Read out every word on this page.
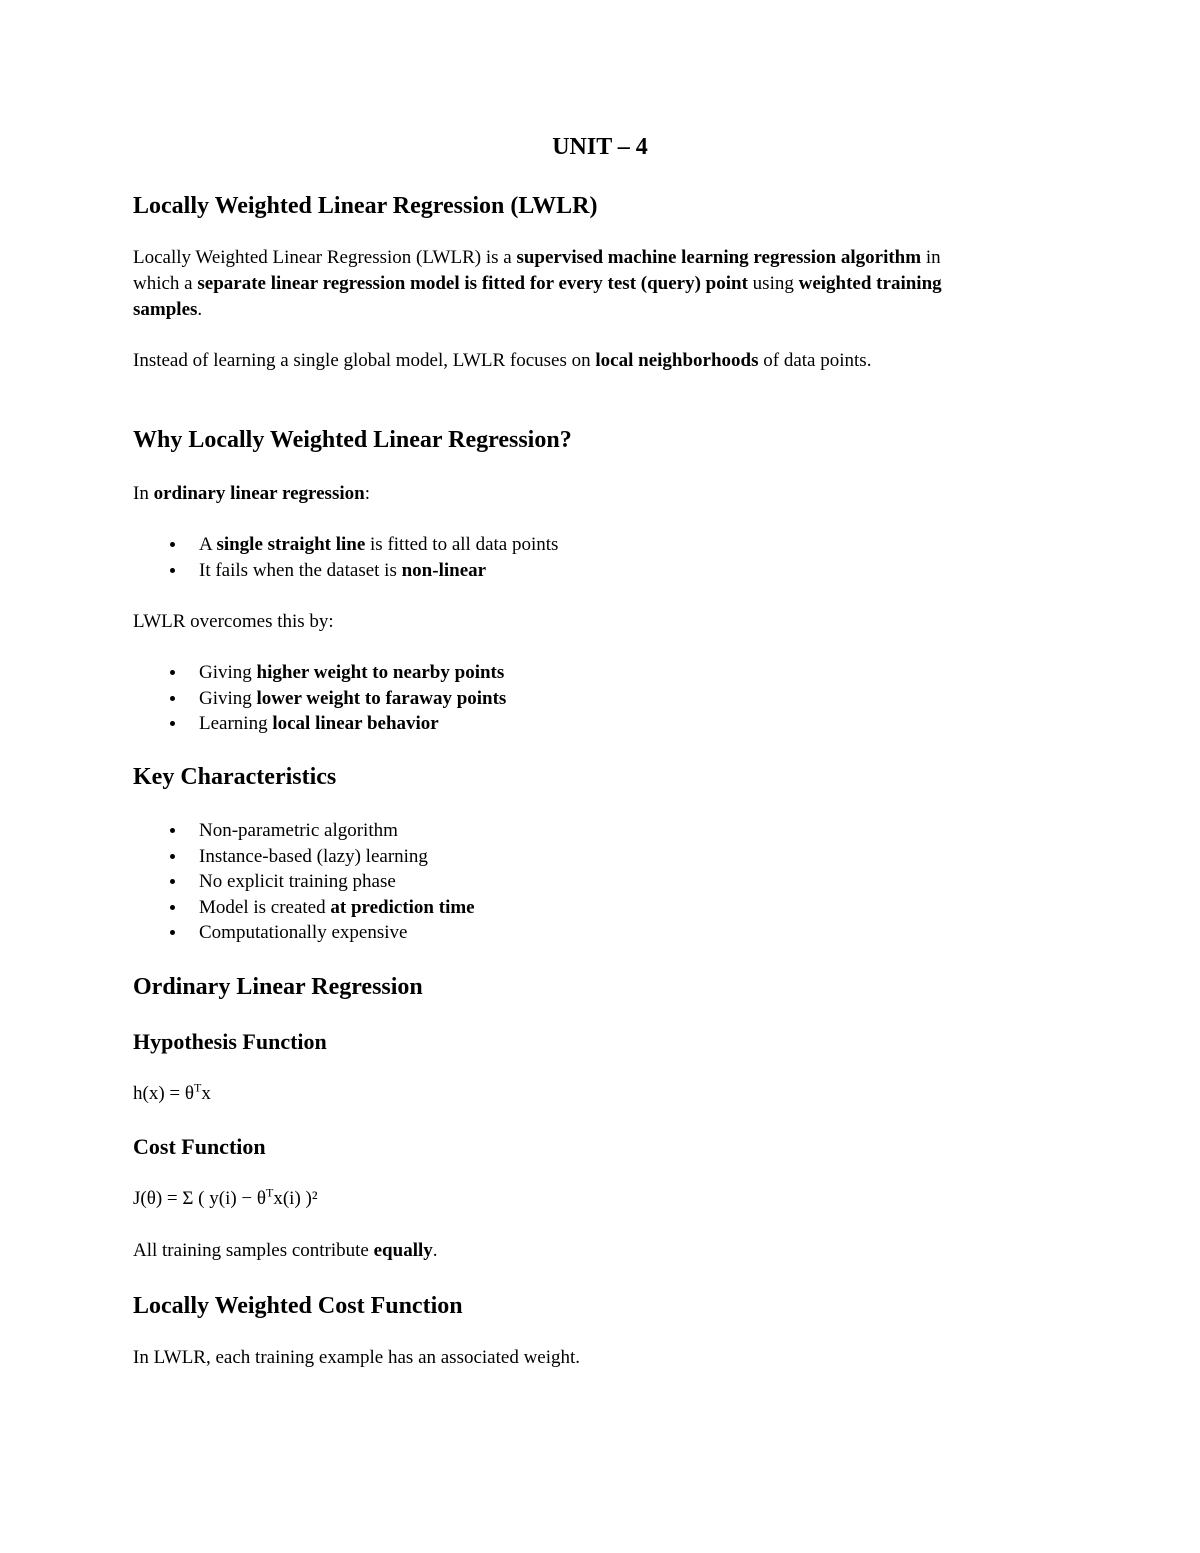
UNIT – 4
Locally Weighted Linear Regression (LWLR)
Locally Weighted Linear Regression (LWLR) is a supervised machine learning regression algorithm in which a separate linear regression model is fitted for every test (query) point using weighted training samples.
Instead of learning a single global model, LWLR focuses on local neighborhoods of data points.
Why Locally Weighted Linear Regression?
In ordinary linear regression:
A single straight line is fitted to all data points
It fails when the dataset is non-linear
LWLR overcomes this by:
Giving higher weight to nearby points
Giving lower weight to faraway points
Learning local linear behavior
Key Characteristics
Non-parametric algorithm
Instance-based (lazy) learning
No explicit training phase
Model is created at prediction time
Computationally expensive
Ordinary Linear Regression
Hypothesis Function
$h(x) = \theta^Tx$
Cost Function
J(θ) = Σ ( $y(i) - \theta^Tx(i)$ )²
All training samples contribute equally.
Locally Weighted Cost Function
In LWLR, each training example has an associated weight.
